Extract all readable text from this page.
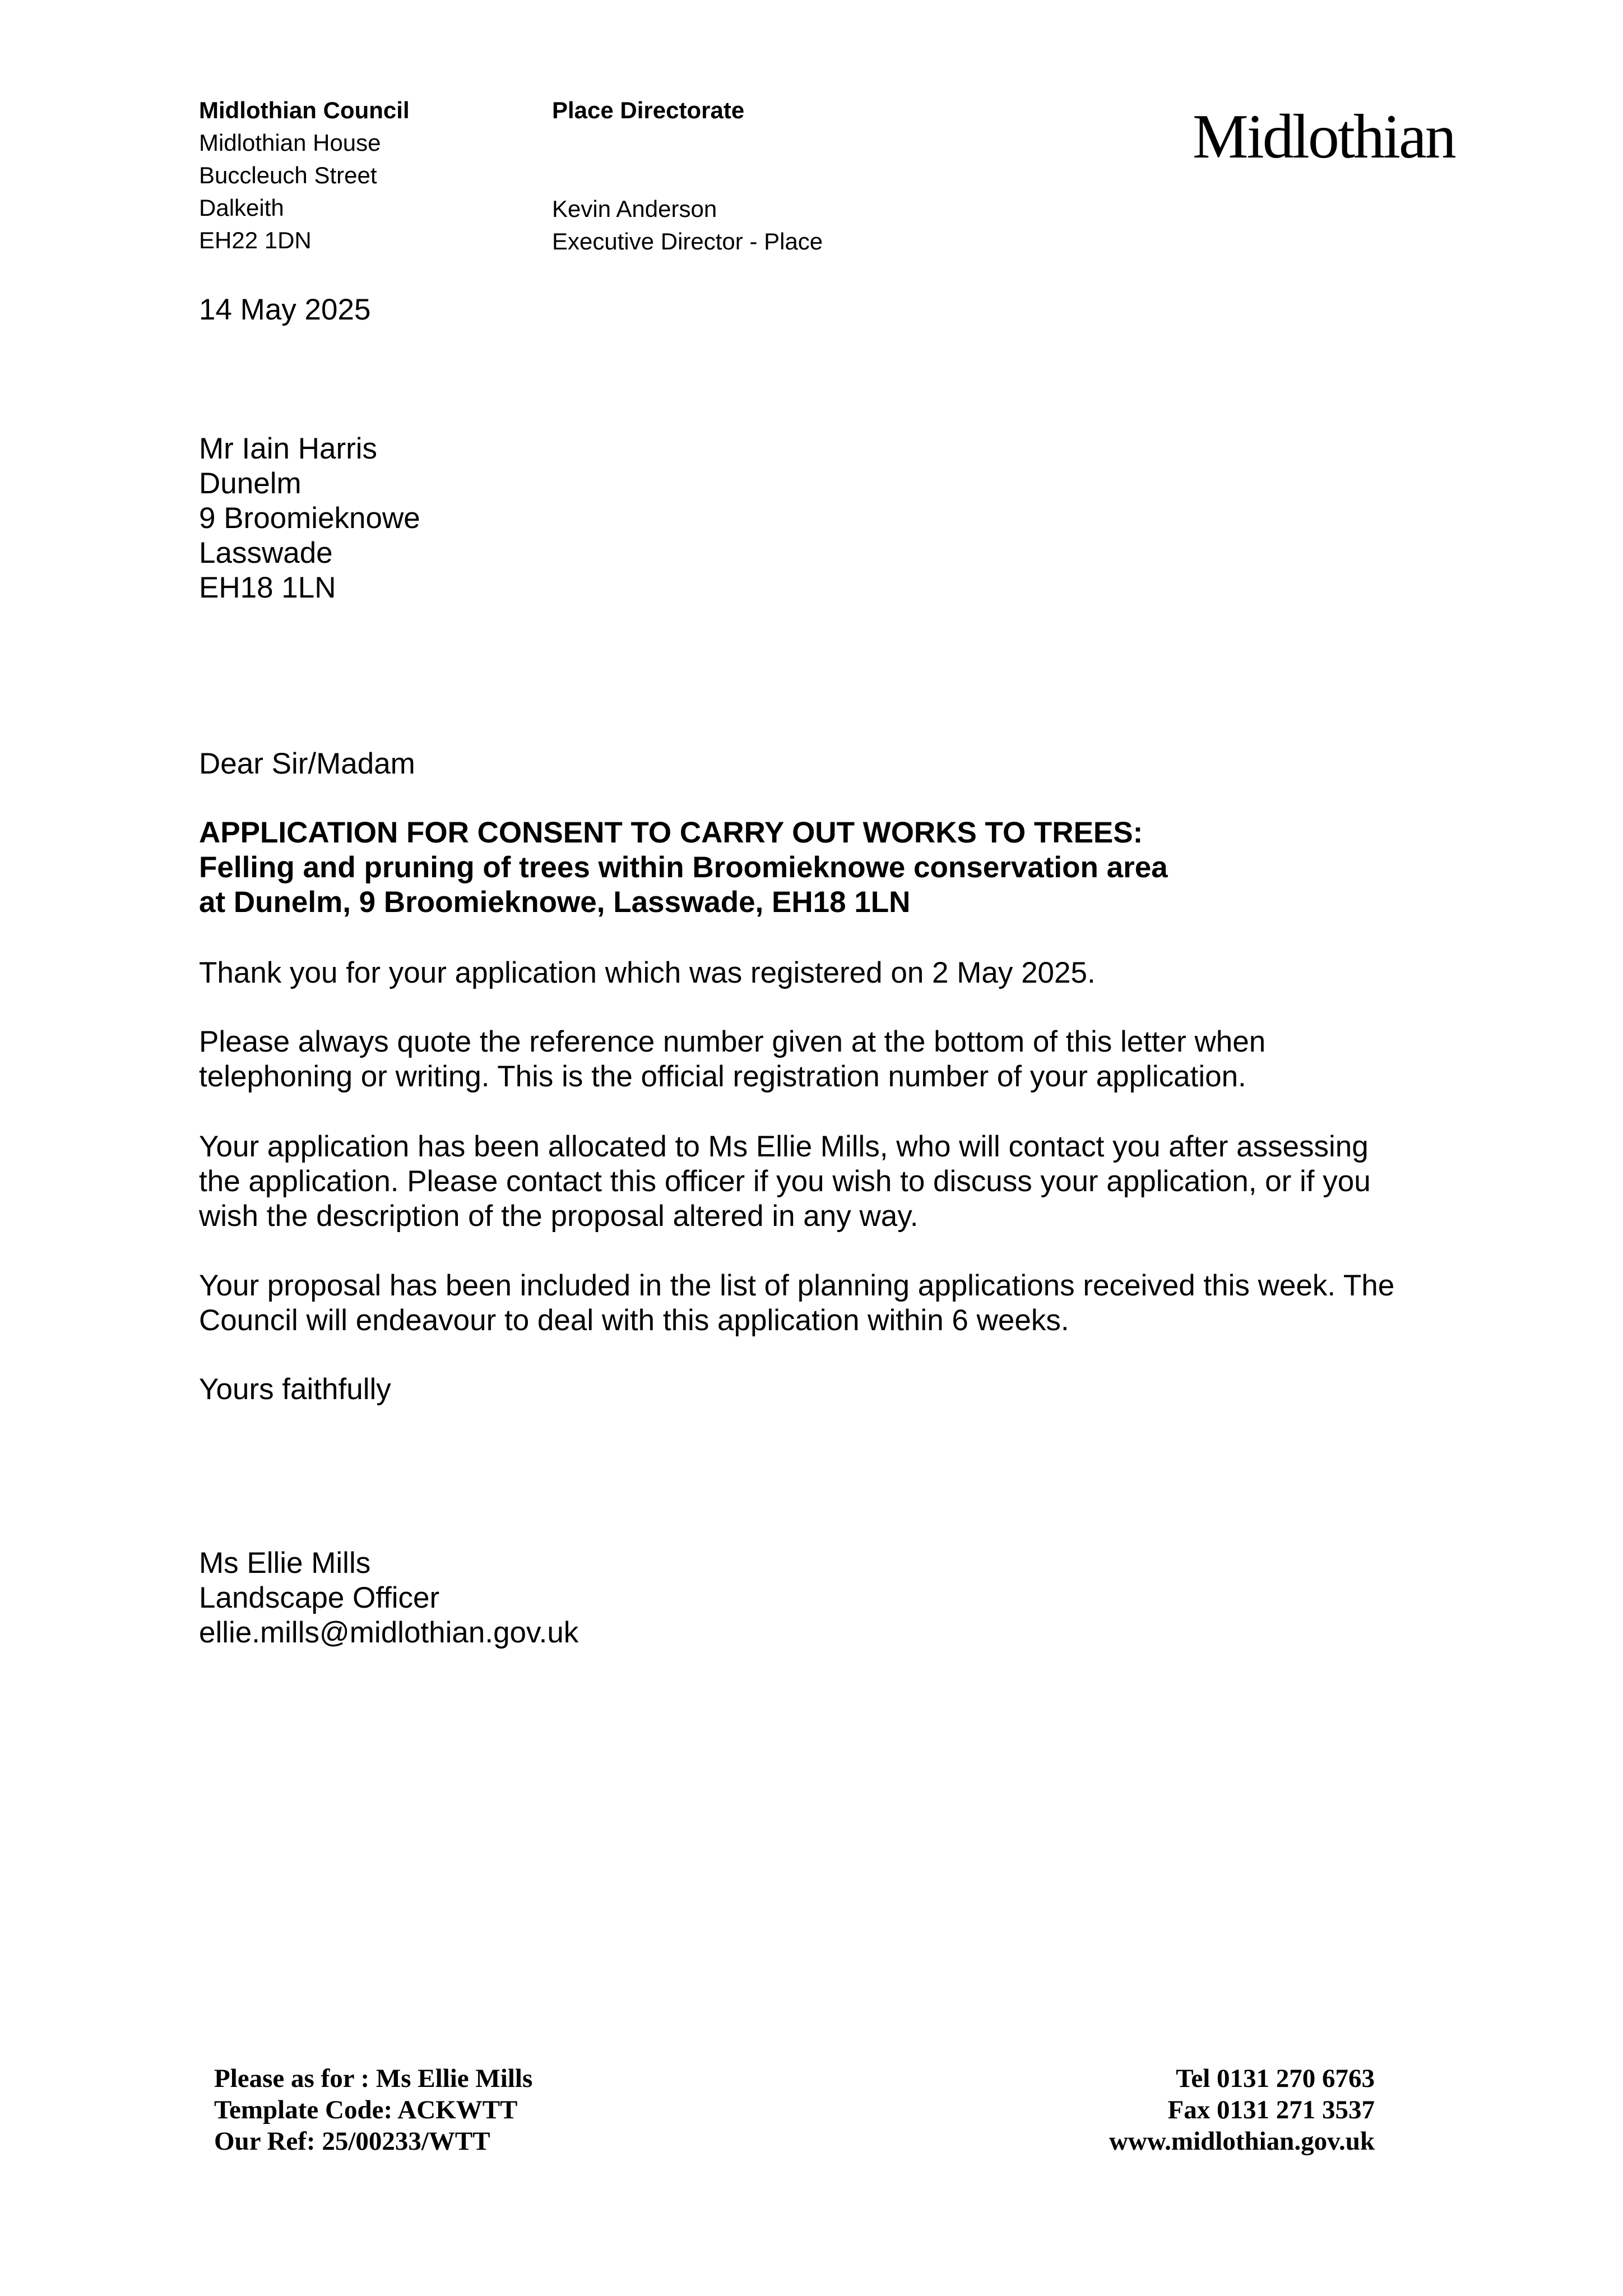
Midlothian Council
Midlothian House
Buccleuch Street
Dalkeith
EH22 1DN
Place Directorate
Kevin Anderson
Executive Director - Place
Midlothian
14 May 2025
Mr Iain Harris
Dunelm
9 Broomieknowe
Lasswade
EH18 1LN
Dear Sir/Madam
APPLICATION FOR CONSENT TO CARRY OUT WORKS TO TREES:
Felling and pruning of trees within Broomieknowe conservation area
at Dunelm, 9 Broomieknowe, Lasswade, EH18 1LN
Thank you for your application which was registered on 2 May 2025.
Please always quote the reference number given at the bottom of this letter when
telephoning or writing. This is the official registration number of your application.
Your application has been allocated to Ms Ellie Mills, who will contact you after assessing
the application. Please contact this officer if you wish to discuss your application, or if you
wish the description of the proposal altered in any way.
Your proposal has been included in the list of planning applications received this week. The
Council will endeavour to deal with this application within 6 weeks.
Yours faithfully
Ms Ellie Mills
Landscape Officer
ellie.mills@midlothian.gov.uk
Please as for : Ms Ellie Mills
Template Code: ACKWTT
Our Ref: 25/00233/WTT
Tel 0131 270 6763
Fax 0131 271 3537
www.midlothian.gov.uk
